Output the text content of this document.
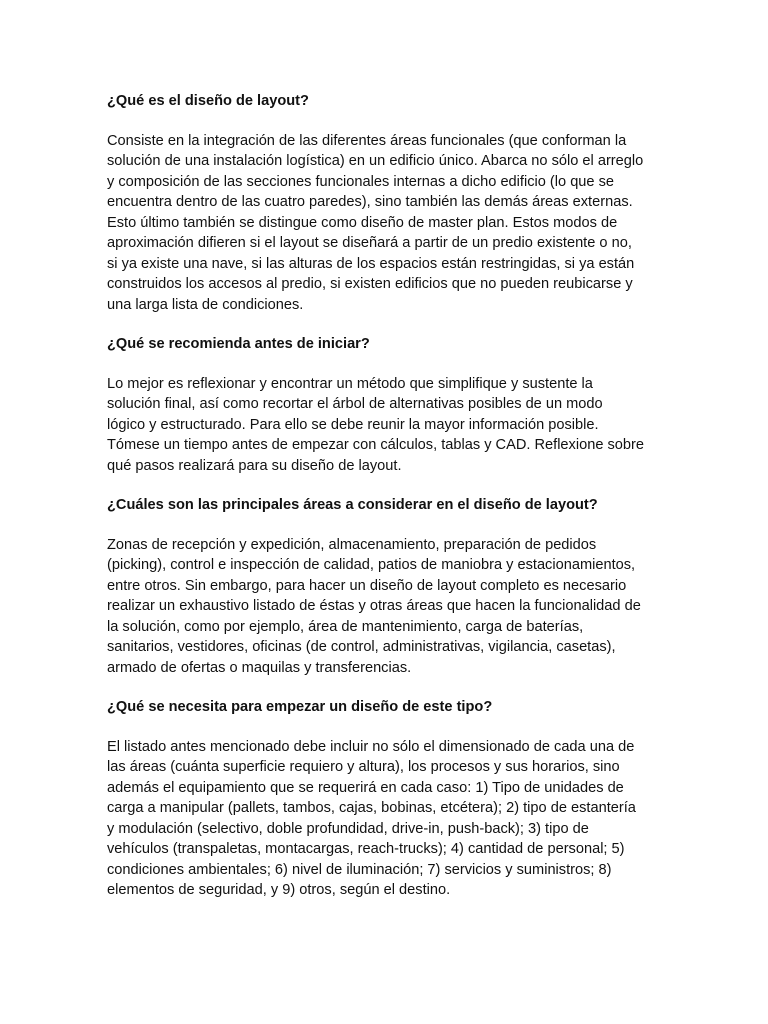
¿Qué es el diseño de layout?

Consiste en la integración de las diferentes áreas funcionales (que conforman la
solución de una instalación logística) en un edificio único. Abarca no sólo el arreglo
y composición de las secciones funcionales internas a dicho edificio (lo que se
encuentra dentro de las cuatro paredes), sino también las demás áreas externas.
Esto último también se distingue como diseño de master plan. Estos modos de
aproximación difieren si el layout se diseñará a partir de un predio existente o no,
si ya existe una nave, si las alturas de los espacios están restringidas, si ya están
construidos los accesos al predio, si existen edificios que no pueden reubicarse y
una larga lista de condiciones.

¿Qué se recomienda antes de iniciar?

Lo mejor es reflexionar y encontrar un método que simplifique y sustente la
solución final, así como recortar el árbol de alternativas posibles de un modo
lógico y estructurado. Para ello se debe reunir la mayor información posible.
Tómese un tiempo antes de empezar con cálculos, tablas y CAD. Reflexione sobre
qué pasos realizará para su diseño de layout.

¿Cuáles son las principales áreas a considerar en el diseño de layout?

Zonas de recepción y expedición, almacenamiento, preparación de pedidos
(picking), control e inspección de calidad, patios de maniobra y estacionamientos,
entre otros. Sin embargo, para hacer un diseño de layout completo es necesario
realizar un exhaustivo listado de éstas y otras áreas que hacen la funcionalidad de
la solución, como por ejemplo, área de mantenimiento, carga de baterías,
sanitarios, vestidores, oficinas (de control, administrativas, vigilancia, casetas),
armado de ofertas o maquilas y transferencias.

¿Qué se necesita para empezar un diseño de este tipo?

El listado antes mencionado debe incluir no sólo el dimensionado de cada una de
las áreas (cuánta superficie requiero y altura), los procesos y sus horarios, sino
además el equipamiento que se requerirá en cada caso: 1) Tipo de unidades de
carga a manipular (pallets, tambos, cajas, bobinas, etcétera); 2) tipo de estantería
y modulación (selectivo, doble profundidad, drive-in, push-back); 3) tipo de
vehículos (transpaletas, montacargas, reach-trucks); 4) cantidad de personal; 5)
condiciones ambientales; 6) nivel de iluminación; 7) servicios y suministros; 8)
elementos de seguridad, y 9) otros, según el destino.
